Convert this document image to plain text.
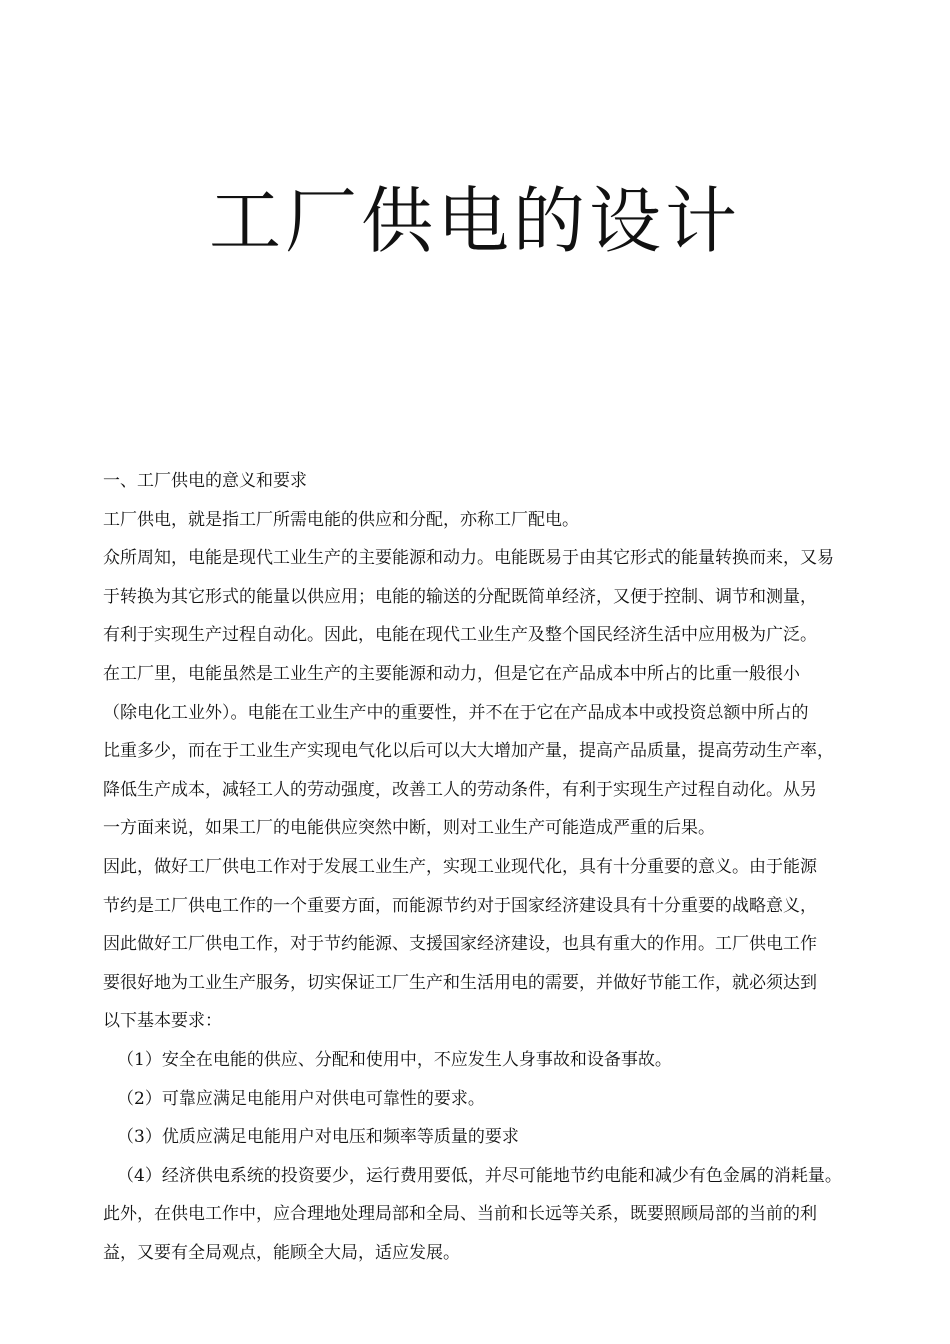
工厂供电的设计

一、工厂供电的意义和要求

工厂供电，就是指工厂所需电能的供应和分配，亦称工厂配电。

众所周知，电能是现代工业生产的主要能源和动力。电能既易于由其它形式的能量转换而来，又易

于转换为其它形式的能量以供应用；电能的输送的分配既简单经济，又便于控制、调节和测量，

有利于实现生产过程自动化。因此，电能在现代工业生产及整个国民经济生活中应用极为广泛。

在工厂里，电能虽然是工业生产的主要能源和动力，但是它在产品成本中所占的比重一般很小

（除电化工业外）。电能在工业生产中的重要性，并不在于它在产品成本中或投资总额中所占的

比重多少，而在于工业生产实现电气化以后可以大大增加产量，提高产品质量，提高劳动生产率，

降低生产成本，减轻工人的劳动强度，改善工人的劳动条件，有利于实现生产过程自动化。从另

一方面来说，如果工厂的电能供应突然中断，则对工业生产可能造成严重的后果。

因此，做好工厂供电工作对于发展工业生产，实现工业现代化，具有十分重要的意义。由于能源

节约是工厂供电工作的一个重要方面，而能源节约对于国家经济建设具有十分重要的战略意义，

因此做好工厂供电工作，对于节约能源、支援国家经济建设，也具有重大的作用。工厂供电工作

要很好地为工业生产服务，切实保证工厂生产和生活用电的需要，并做好节能工作，就必须达到

以下基本要求：

（1）安全在电能的供应、分配和使用中，不应发生人身事故和设备事故。

（2）可靠应满足电能用户对供电可靠性的要求。

（3）优质应满足电能用户对电压和频率等质量的要求

（4）经济供电系统的投资要少，运行费用要低，并尽可能地节约电能和减少有色金属的消耗量。

此外，在供电工作中，应合理地处理局部和全局、当前和长远等关系，既要照顾局部的当前的利

益，又要有全局观点，能顾全大局，适应发展。
